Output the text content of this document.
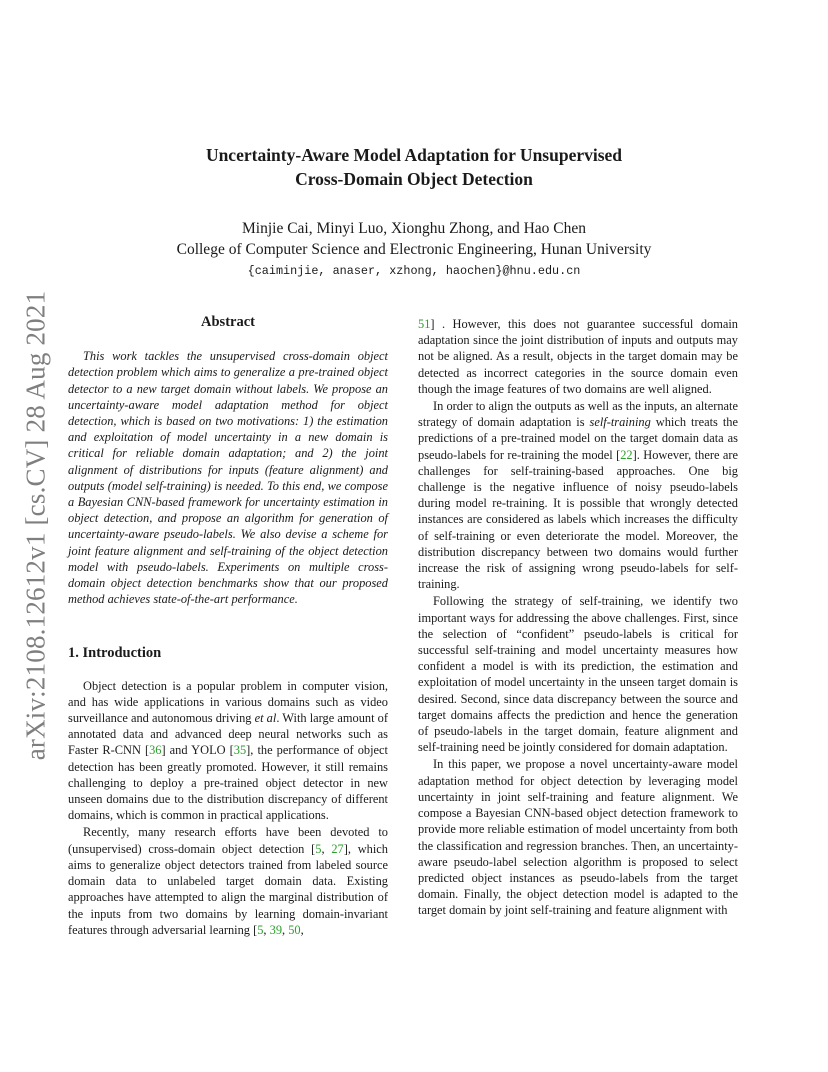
arXiv:2108.12612v1 [cs.CV] 28 Aug 2021
Uncertainty-Aware Model Adaptation for Unsupervised
Cross-Domain Object Detection
Minjie Cai, Minyi Luo, Xionghu Zhong, and Hao Chen
College of Computer Science and Electronic Engineering, Hunan University
{caiminjie, anaser, xzhong, haochen}@hnu.edu.cn
Abstract

This work tackles the unsupervised cross-domain object detection problem which aims to generalize a pre-trained object detector to a new target domain without labels. We propose an uncertainty-aware model adaptation method for object detection, which is based on two motivations: 1) the estimation and exploitation of model uncertainty in a new domain is critical for reliable domain adaptation; and 2) the joint alignment of distributions for inputs (feature alignment) and outputs (model self-training) is needed. To this end, we compose a Bayesian CNN-based framework for uncertainty estimation in object detection, and propose an algorithm for generation of uncertainty-aware pseudo-labels. We also devise a scheme for joint feature alignment and self-training of the object detection model with pseudo-labels. Experiments on multiple cross-domain object detection benchmarks show that our proposed method achieves state-of-the-art performance.

1. Introduction

Object detection is a popular problem in computer vision, and has wide applications in various domains such as video surveillance and autonomous driving et al. With large amount of annotated data and advanced deep neural networks such as Faster R-CNN [36] and YOLO [35], the performance of object detection has been greatly promoted. However, it still remains challenging to deploy a pre-trained object detector in new unseen domains due to the distribution discrepancy of different domains, which is common in practical applications.

Recently, many research efforts have been devoted to (unsupervised) cross-domain object detection [5, 27], which aims to generalize object detectors trained from labeled source domain data to unlabeled target domain data. Existing approaches have attempted to align the marginal distribution of the inputs from two domains by learning domain-invariant features through adversarial learning [5, 39, 50,

51] . However, this does not guarantee successful domain adaptation since the joint distribution of inputs and outputs may not be aligned. As a result, objects in the target domain may be detected as incorrect categories in the source domain even though the image features of two domains are well aligned.

In order to align the outputs as well as the inputs, an alternate strategy of domain adaptation is self-training which treats the predictions of a pre-trained model on the target domain data as pseudo-labels for re-training the model [22]. However, there are challenges for self-training-based approaches. One big challenge is the negative influence of noisy pseudo-labels during model re-training. It is possible that wrongly detected instances are considered as labels which increases the difficulty of self-training or even deteriorate the model. Moreover, the distribution discrepancy between two domains would further increase the risk of assigning wrong pseudo-labels for self-training.

Following the strategy of self-training, we identify two important ways for addressing the above challenges. First, since the selection of “confident” pseudo-labels is critical for successful self-training and model uncertainty measures how confident a model is with its prediction, the estimation and exploitation of model uncertainty in the unseen target domain is desired. Second, since data discrepancy between the source and target domains affects the prediction and hence the generation of pseudo-labels in the target domain, feature alignment and self-training need be jointly considered for domain adaptation.

In this paper, we propose a novel uncertainty-aware model adaptation method for object detection by leveraging model uncertainty in joint self-training and feature alignment. We compose a Bayesian CNN-based object detection framework to provide more reliable estimation of model uncertainty from both the classification and regression branches. Then, an uncertainty-aware pseudo-label selection algorithm is proposed to select predicted object instances as pseudo-labels from the target domain. Finally, the object detection model is adapted to the target domain by joint self-training and feature alignment with
